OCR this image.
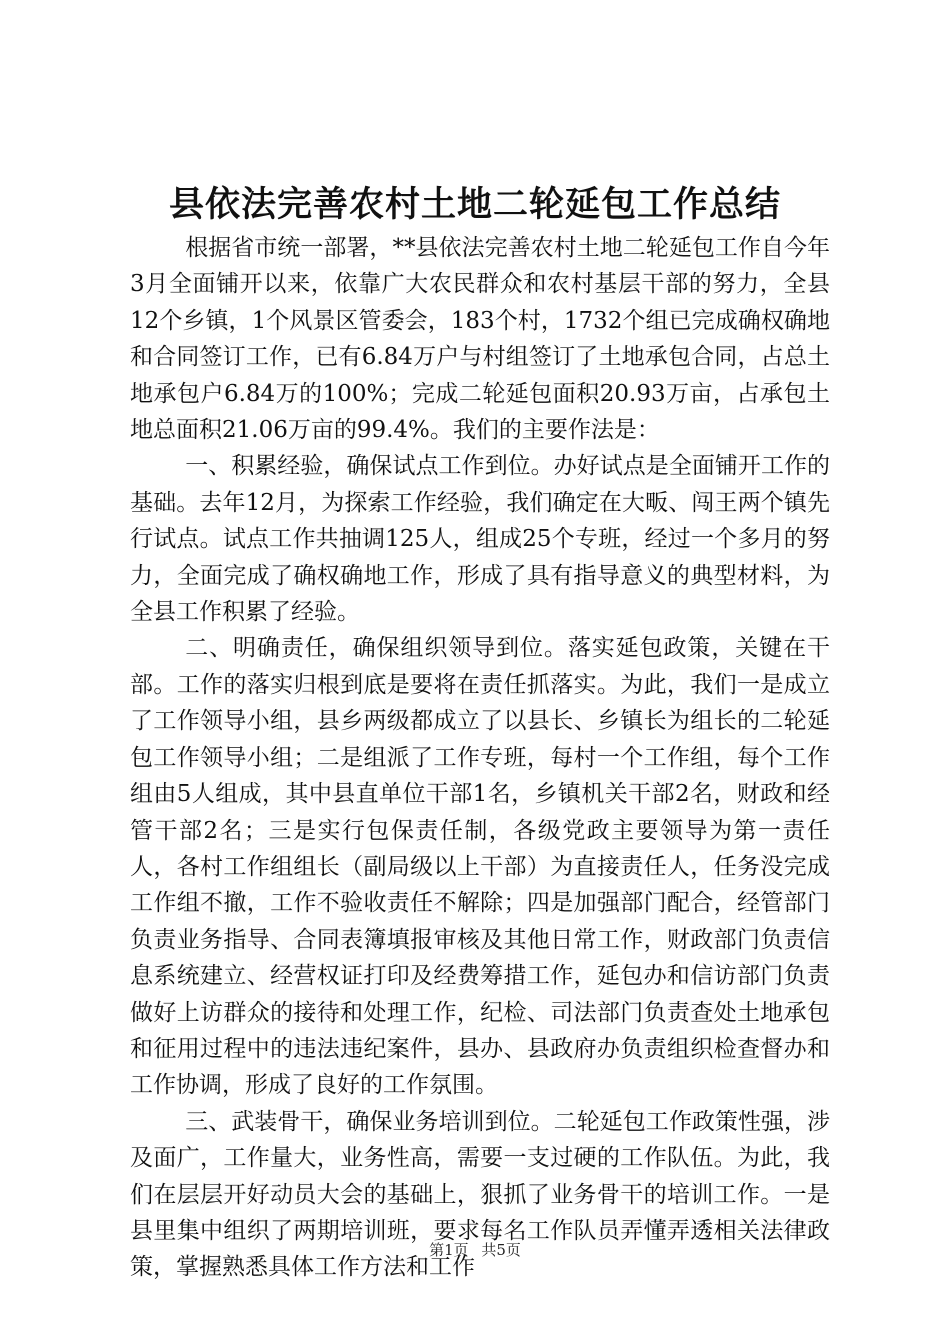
县依法完善农村土地二轮延包工作总结

根据省市统一部署，**县依法完善农村土地二轮延包工作自今年3月全面铺开以来，依靠广大农民群众和农村基层干部的努力，全县12个乡镇，1个风景区管委会，183个村，1732个组已完成确权确地和合同签订工作，已有6.84万户与村组签订了土地承包合同，占总土地承包户6.84万的100%；完成二轮延包面积20.93万亩，占承包土地总面积21.06万亩的99.4%。我们的主要作法是：

一、积累经验，确保试点工作到位。办好试点是全面铺开工作的基础。去年12月，为探索工作经验，我们确定在大畈、闯王两个镇先行试点。试点工作共抽调125人，组成25个专班，经过一个多月的努力，全面完成了确权确地工作，形成了具有指导意义的典型材料，为全县工作积累了经验。

二、明确责任，确保组织领导到位。落实延包政策，关键在干部。工作的落实归根到底是要将在责任抓落实。为此，我们一是成立了工作领导小组，县乡两级都成立了以县长、乡镇长为组长的二轮延包工作领导小组；二是组派了工作专班，每村一个工作组，每个工作组由5人组成，其中县直单位干部1名，乡镇机关干部2名，财政和经管干部2名；三是实行包保责任制，各级党政主要领导为第一责任人，各村工作组组长（副局级以上干部）为直接责任人，任务没完成工作组不撤，工作不验收责任不解除；四是加强部门配合，经管部门负责业务指导、合同表簿填报审核及其他日常工作，财政部门负责信息系统建立、经营权证打印及经费筹措工作，延包办和信访部门负责做好上访群众的接待和处理工作，纪检、司法部门负责查处土地承包和征用过程中的违法违纪案件，县办、县政府办负责组织检查督办和工作协调，形成了良好的工作氛围。

三、武装骨干，确保业务培训到位。二轮延包工作政策性强，涉及面广，工作量大，业务性高，需要一支过硬的工作队伍。为此，我们在层层开好动员大会的基础上，狠抓了业务骨干的培训工作。一是县里集中组织了两期培训班，要求每名工作队员弄懂弄透相关法律政策，掌握熟悉具体工作方法和工作

第1页 共5页
